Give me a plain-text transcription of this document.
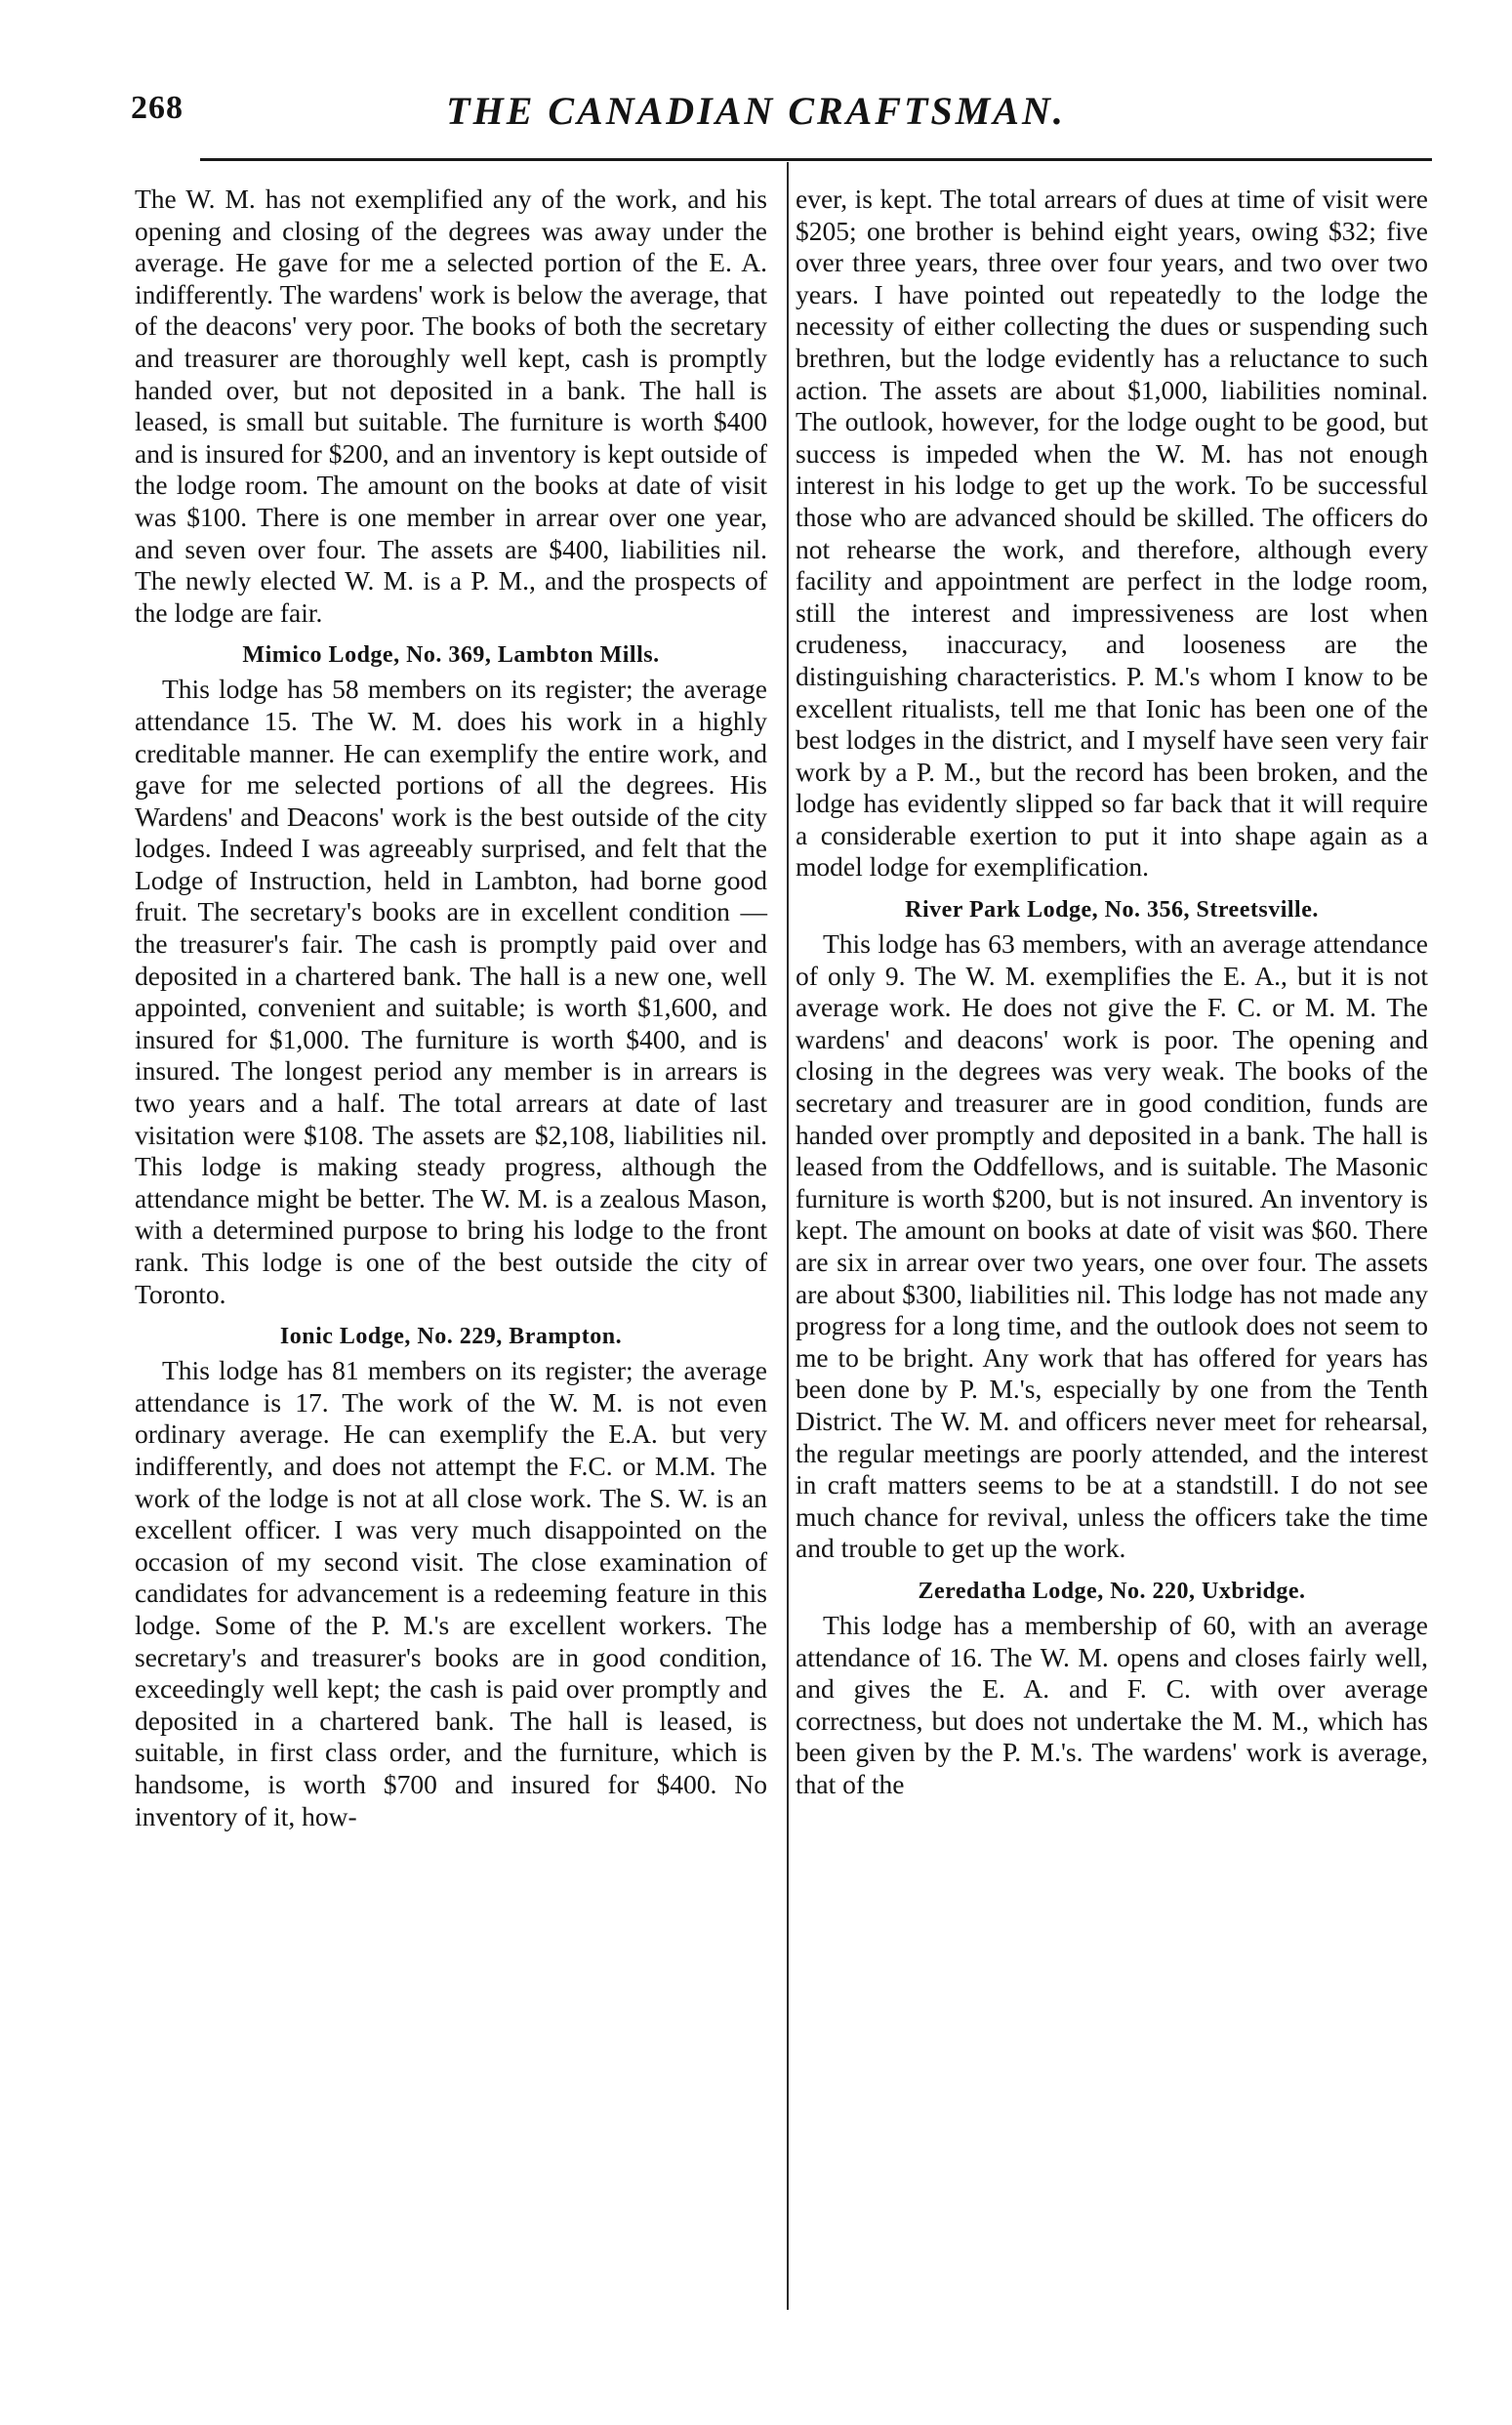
268	THE CANADIAN CRAFTSMAN.

The W. M. has not exemplified any of the work, and his opening and closing of the degrees was away under the average. He gave for me a selected portion of the E. A. indifferently. The wardens' work is below the average, that of the deacons' very poor. The books of both the secretary and treasurer are thoroughly well kept, cash is promptly handed over, but not deposited in a bank. The hall is leased, is small but suitable. The furniture is worth $400 and is insured for $200, and an inventory is kept outside of the lodge room. The amount on the books at date of visit was $100. There is one member in arrear over one year, and seven over four. The assets are $400, liabilities nil. The newly elected W. M. is a P. M., and the prospects of the lodge are fair.

Mimico Lodge, No. 369, Lambton Mills.

This lodge has 58 members on its register; the average attendance 15. The W. M. does his work in a highly creditable manner. He can exemplify the entire work, and gave for me selected portions of all the degrees. His Wardens' and Deacons' work is the best outside of the city lodges. Indeed I was agreeably surprised, and felt that the Lodge of Instruction, held in Lambton, had borne good fruit. The secretary's books are in excellent condition —the treasurer's fair. The cash is promptly paid over and deposited in a chartered bank. The hall is a new one, well appointed, convenient and suitable; is worth $1,600, and insured for $1,000. The furniture is worth $400, and is insured. The longest period any member is in arrears is two years and a half. The total arrears at date of last visitation were $108. The assets are $2,108, liabilities nil. This lodge is making steady progress, although the attendance might be better. The W. M. is a zealous Mason, with a determined purpose to bring his lodge to the front rank. This lodge is one of the best outside the city of Toronto.

Ionic Lodge, No. 229, Brampton.

This lodge has 81 members on its register; the average attendance is 17. The work of the W. M. is not even ordinary average. He can exemplify the E.A. but very indifferently, and does not attempt the F.C. or M.M. The work of the lodge is not at all close work. The S. W. is an excellent officer. I was very much disappointed on the occasion of my second visit. The close examination of candidates for advancement is a redeeming feature in this lodge. Some of the P. M.'s are excellent workers. The secretary's and treasurer's books are in good condition, exceedingly well kept; the cash is paid over promptly and deposited in a chartered bank. The hall is leased, is suitable, in first class order, and the furniture, which is handsome, is worth $700 and insured for $400. No inventory of it, how-

ever, is kept. The total arrears of dues at time of visit were $205; one brother is behind eight years, owing $32; five over three years, three over four years, and two over two years. I have pointed out repeatedly to the lodge the necessity of either collecting the dues or suspending such brethren, but the lodge evidently has a reluctance to such action. The assets are about $1,000, liabilities nominal. The outlook, however, for the lodge ought to be good, but success is impeded when the W. M. has not enough interest in his lodge to get up the work. To be successful those who are advanced should be skilled. The officers do not rehearse the work, and therefore, although every facility and appointment are perfect in the lodge room, still the interest and impressiveness are lost when crudeness, inaccuracy, and looseness are the distinguishing characteristics. P. M.'s whom I know to be excellent ritualists, tell me that Ionic has been one of the best lodges in the district, and I myself have seen very fair work by a P. M., but the record has been broken, and the lodge has evidently slipped so far back that it will require a considerable exertion to put it into shape again as a model lodge for exemplification.

River Park Lodge, No. 356, Streetsville.

This lodge has 63 members, with an average attendance of only 9. The W. M. exemplifies the E. A., but it is not average work. He does not give the F. C. or M. M. The wardens' and deacons' work is poor. The opening and closing in the degrees was very weak. The books of the secretary and treasurer are in good condition, funds are handed over promptly and deposited in a bank. The hall is leased from the Oddfellows, and is suitable. The Masonic furniture is worth $200, but is not insured. An inventory is kept. The amount on books at date of visit was $60. There are six in arrear over two years, one over four. The assets are about $300, liabilities nil. This lodge has not made any progress for a long time, and the outlook does not seem to me to be bright. Any work that has offered for years has been done by P. M.'s, especially by one from the Tenth District. The W. M. and officers never meet for rehearsal, the regular meetings are poorly attended, and the interest in craft matters seems to be at a standstill. I do not see much chance for revival, unless the officers take the time and trouble to get up the work.

Zeredatha Lodge, No. 220, Uxbridge.

This lodge has a membership of 60, with an average attendance of 16. The W. M. opens and closes fairly well, and gives the E. A. and F. C. with over average correctness, but does not undertake the M. M., which has been given by the P. M.'s. The wardens' work is average, that of the
